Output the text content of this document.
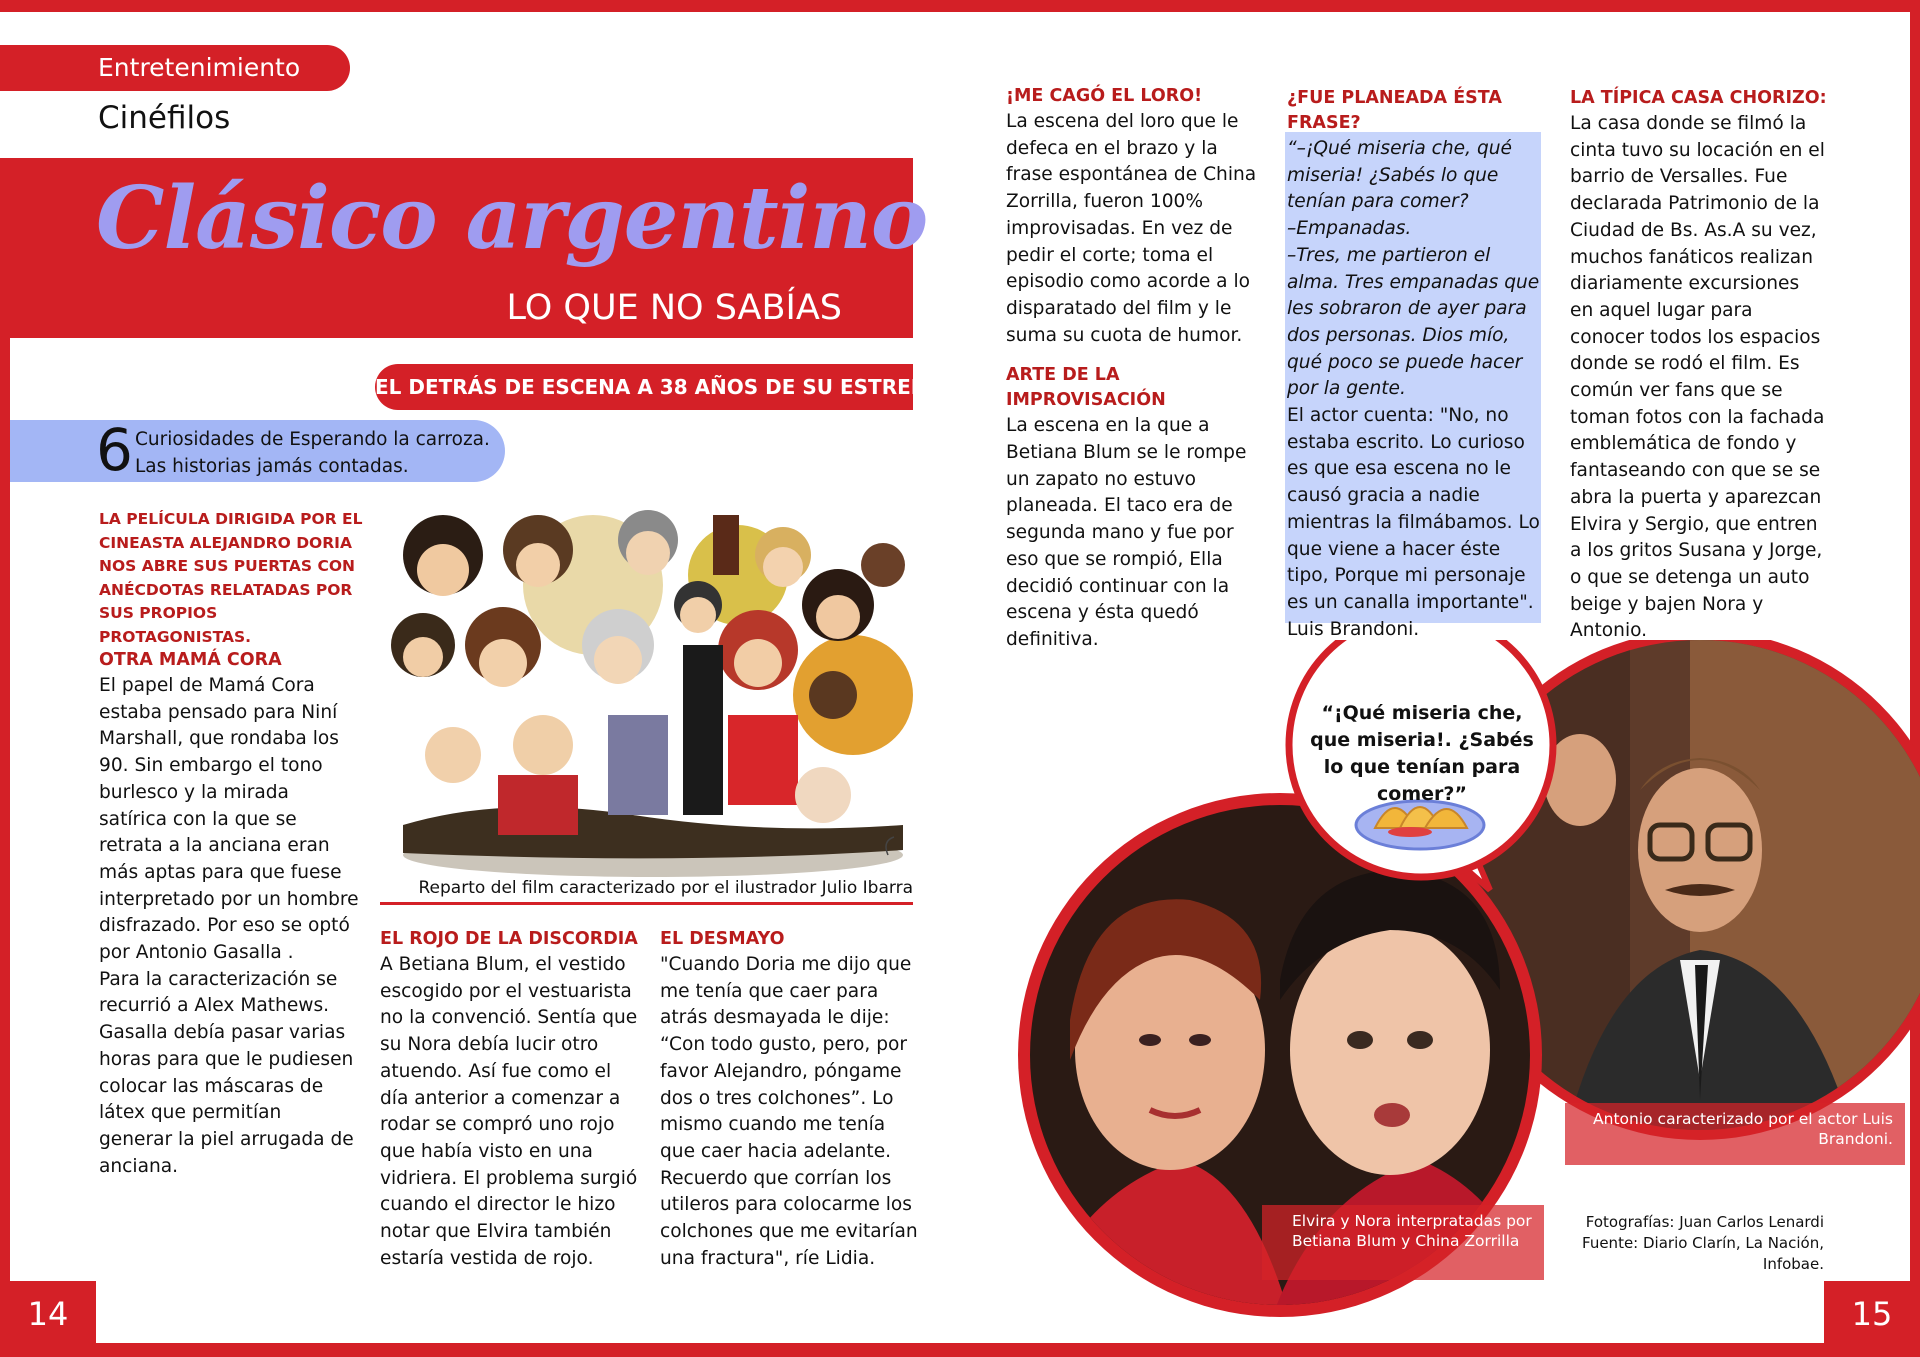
Entretenimiento
Cinéfilos
Clásico argentino
LO QUE NO SABÍAS
EL DETRÁS DE ESCENA A 38 AÑOS DE SU ESTRENO
6 Curiosidades de Esperando la carroza.
Las historias jamás contadas.
LA PELÍCULA DIRIGIDA POR EL CINEASTA ALEJANDRO DORIA NOS ABRE SUS PUERTAS CON ANÉCDOTAS RELATADAS POR SUS PROPIOS PROTAGONISTAS.
OTRA MAMÁ CORA

El papel de Mamá Cora estaba pensado para Niní Marshall, que rondaba los 90. Sin embargo el tono burlesco y la mirada satírica con la que se retrata a la anciana eran más aptas para que fuese interpretado por un hombre disfrazado. Por eso se optó por Antonio Gasalla .

Para la caracterización se recurrió a Alex Mathews. Gasalla debía pasar varias horas para que le pudiesen colocar las máscaras de látex que permitían generar la piel arrugada de anciana.

Reparto del film caracterizado por el ilustrador Julio Ibarra
EL ROJO DE LA DISCORDIA

A Betiana Blum, el vestido escogido por el vestuarista no la convenció. Sentía que su Nora debía lucir otro atuendo. Así fue como el día anterior a comenzar a rodar se compró uno rojo que había visto en una vidriera. El problema surgió cuando el director le hizo notar que Elvira también estaría vestida de rojo.

EL DESMAYO

"Cuando Doria me dijo que me tenía que caer para atrás desmayada le dije: “Con todo gusto, pero, por favor Alejandro, póngame dos o tres colchones”. Lo mismo cuando me tenía que caer hacia adelante. Recuerdo que corrían los utileros para colocarme los colchones que me evitarían una fractura", ríe Lidia.

¡ME CAGÓ EL LORO!

La escena del loro que le defeca en el brazo y la frase espontánea de China Zorrilla, fueron 100% improvisadas. En vez de pedir el corte; toma el episodio como acorde a lo disparatado del film y le suma su cuota de humor.

ARTE DE LA IMPROVISACIÓN

La escena en la que a Betiana Blum se le rompe un zapato no estuvo planeada. El taco era de segunda mano y fue por eso que se rompió, Ella decidió continuar con la escena y ésta quedó definitiva.

¿FUE PLANEADA ÉSTA FRASE?

“–¡Qué miseria che, qué miseria! ¿Sabés lo que tenían para comer?

–Empanadas.

–Tres, me partieron el alma. Tres empanadas que les sobraron de ayer para dos personas. Dios mío, qué poco se puede hacer por la gente.

El actor cuenta: "No, no estaba escrito. Lo curioso es que esa escena no le causó gracia a nadie mientras la filmábamos. Lo que viene a hacer éste tipo, Porque mi personaje es un canalla importante". Luis Brandoni.

LA TÍPICA CASA CHORIZO:

La casa donde se filmó la cinta tuvo su locación en el barrio de Versalles. Fue declarada Patrimonio de la Ciudad de Bs. As.A su vez, muchos fanáticos realizan diariamente excursiones en aquel lugar para conocer todos los espacios donde se rodó el film. Es común ver fans que se toman fotos con la fachada emblemática de fondo y fantaseando con que se se abra la puerta y aparezcan Elvira y Sergio, que entren a los gritos Susana y Jorge, o que se detenga un auto beige y bajen Nora y Antonio.

“¡Qué miseria che, que miseria!. ¿Sabés lo que tenían para comer?”
Antonio caracterizado por el actor Luis Brandoni.
Elvira y Nora interpratadas por Betiana Blum y China Zorrilla
Fotografías: Juan Carlos Lenardi
Fuente: Diario Clarín, La Nación, Infobae.
14	15
